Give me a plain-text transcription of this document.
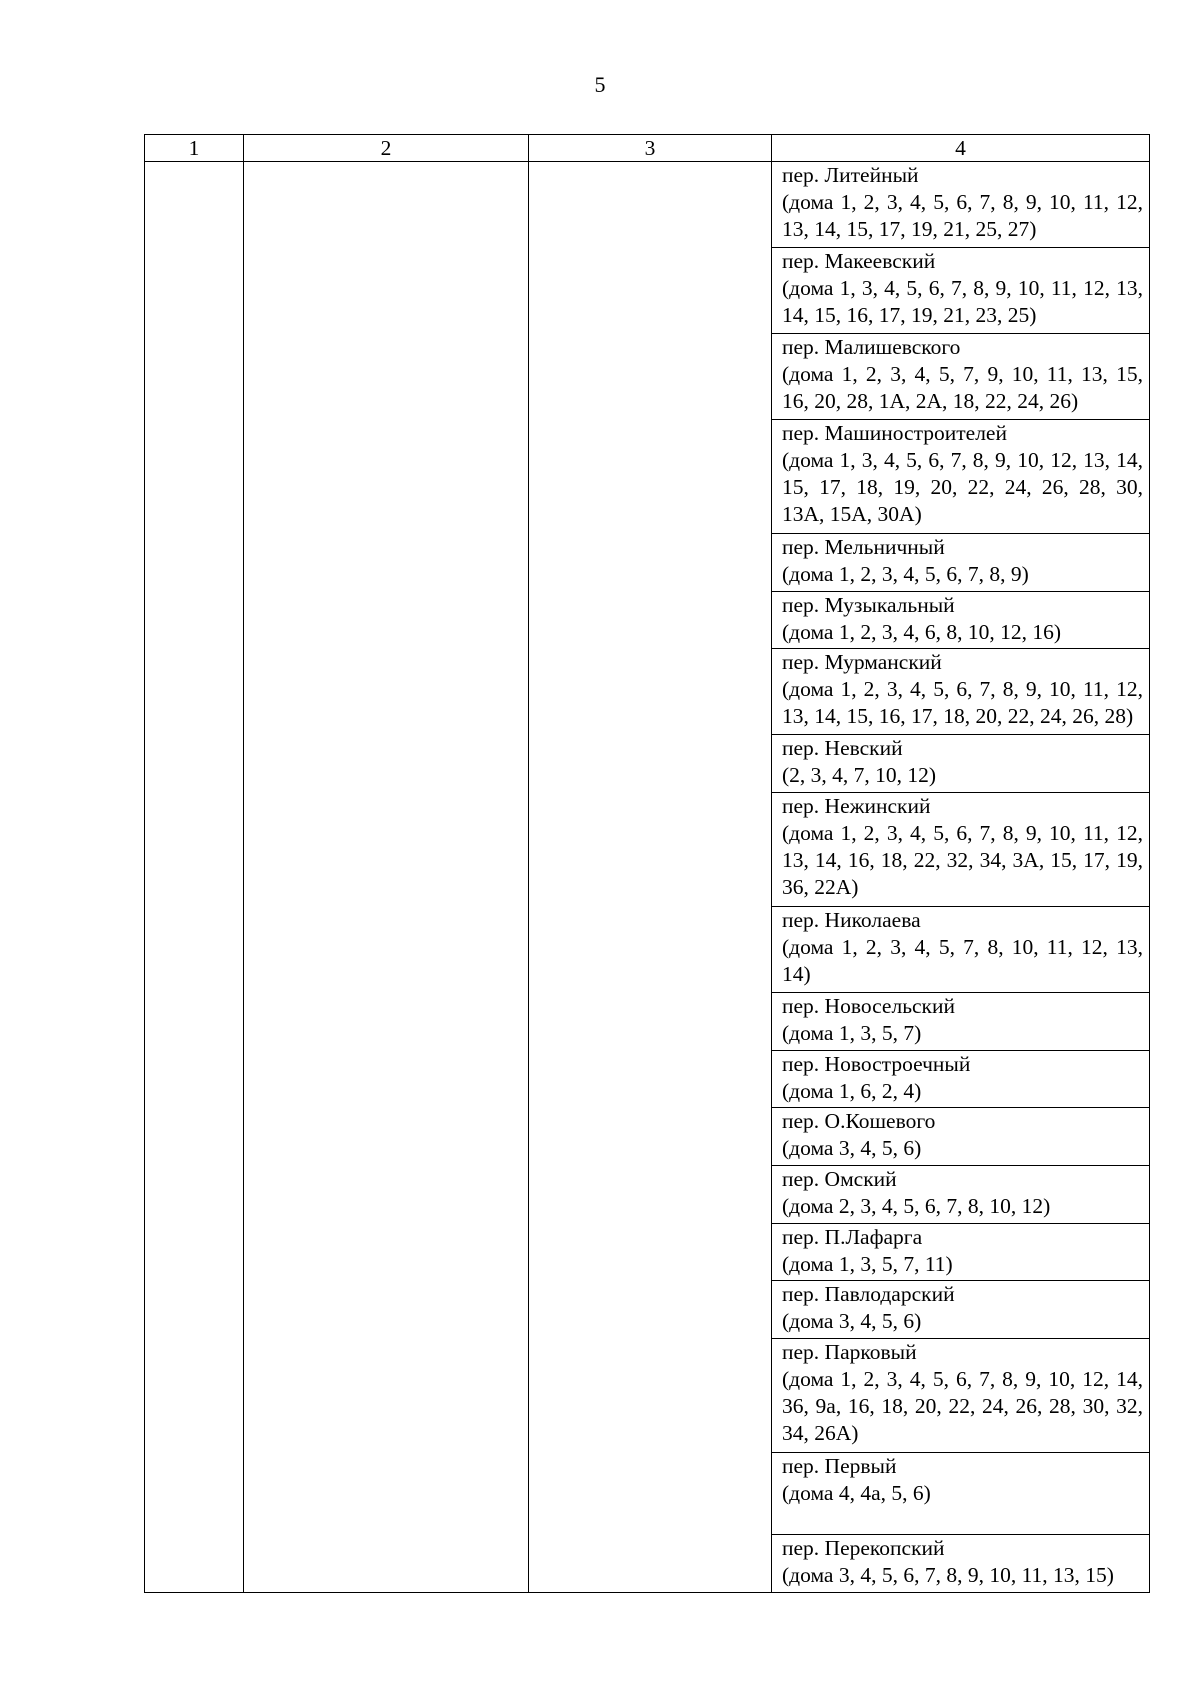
5
1	2	3	4

			пер. Литейный
(дома 1, 2, 3, 4, 5, 6, 7, 8, 9, 10, 11, 12, 13, 14, 15, 17, 19, 21, 25, 27)

			пер. Макеевский
(дома 1, 3, 4, 5, 6, 7, 8, 9, 10, 11, 12, 13, 14, 15, 16, 17, 19, 21, 23, 25)

			пер. Малишевского
(дома 1, 2, 3, 4, 5, 7, 9, 10, 11, 13, 15, 16, 20, 28, 1А, 2А, 18, 22, 24, 26)

			пер. Машиностроителей
(дома 1, 3, 4, 5, 6, 7, 8, 9, 10, 12, 13, 14, 15, 17, 18, 19, 20, 22, 24, 26, 28, 30, 13А, 15А, 30А)

			пер. Мельничный
(дома 1, 2, 3, 4, 5, 6, 7, 8, 9)

			пер. Музыкальный
(дома 1, 2, 3, 4, 6, 8, 10, 12, 16)

			пер. Мурманский
(дома 1, 2, 3, 4, 5, 6, 7, 8, 9, 10, 11, 12, 13, 14, 15, 16, 17, 18, 20, 22, 24, 26, 28)

			пер. Невский
(2, 3, 4, 7, 10, 12)

			пер. Нежинский
(дома 1, 2, 3, 4, 5, 6, 7, 8, 9, 10, 11, 12, 13, 14, 16, 18, 22, 32, 34, 3А, 15, 17, 19, 36, 22А)

			пер. Николаева
(дома 1, 2, 3, 4, 5, 7, 8, 10, 11, 12, 13, 14)

			пер. Новосельский
(дома 1, 3, 5, 7)

			пер. Новостроечный
(дома 1, 6, 2, 4)

			пер. О.Кошевого
(дома 3, 4, 5, 6)

			пер. Омский
(дома 2, 3, 4, 5, 6, 7, 8, 10, 12)

			пер. П.Лафарга
(дома 1, 3, 5, 7, 11)

			пер. Павлодарский
(дома 3, 4, 5, 6)

			пер. Парковый
(дома 1, 2, 3, 4, 5, 6, 7, 8, 9, 10, 12, 14, 36, 9а, 16, 18, 20, 22, 24, 26, 28, 30, 32, 34, 26А)

			пер. Первый
(дома 4, 4а, 5, 6)

			пер. Перекопский
(дома 3, 4, 5, 6, 7, 8, 9, 10, 11, 13, 15)
